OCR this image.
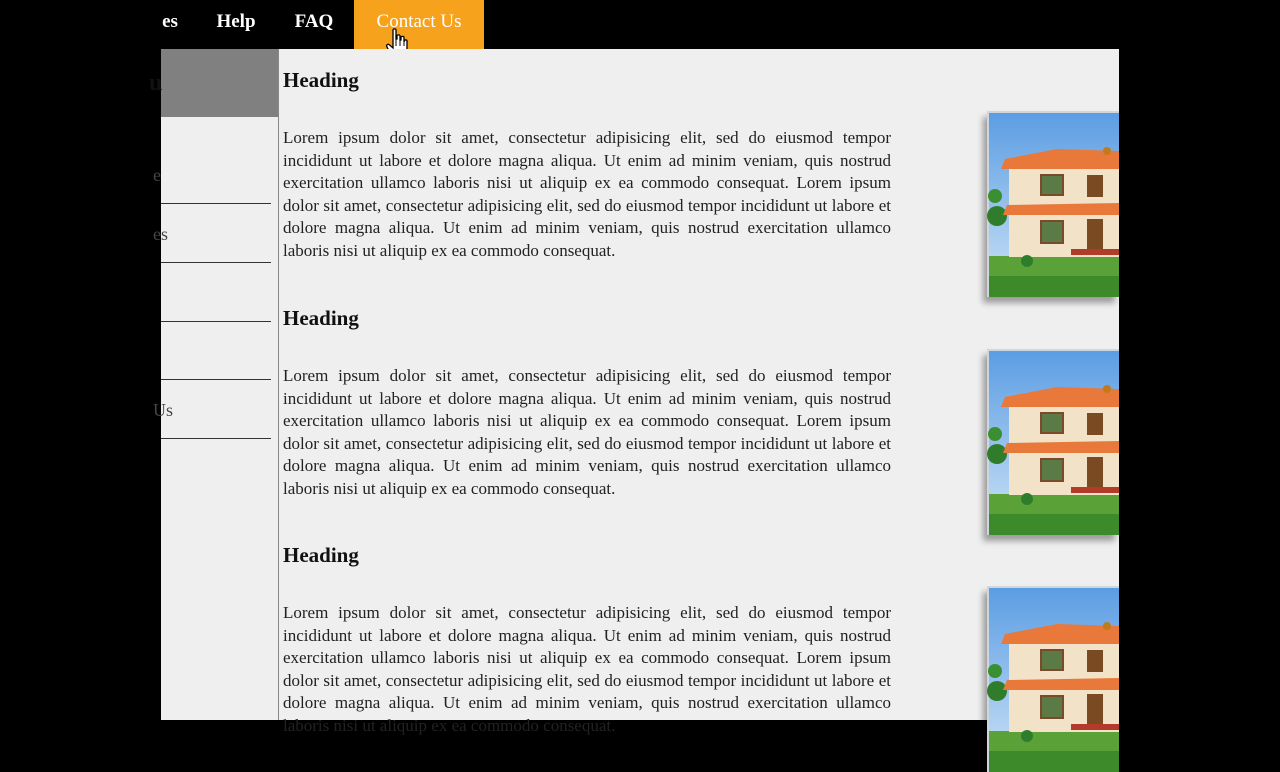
es	Help	FAQ	Contact Us
u
e
es
Us
Heading

Lorem ipsum dolor sit amet, consectetur adipisicing elit, sed do eiusmod tempor incididunt ut labore et dolore magna aliqua. Ut enim ad minim veniam, quis nostrud exercitation ullamco laboris nisi ut aliquip ex ea commodo consequat. Lorem ipsum dolor sit amet, consectetur adipisicing elit, sed do eiusmod tempor incididunt ut labore et dolore magna aliqua. Ut enim ad minim veniam, quis nostrud exercitation ullamco laboris nisi ut aliquip ex ea commodo consequat.

Heading

Lorem ipsum dolor sit amet, consectetur adipisicing elit, sed do eiusmod tempor incididunt ut labore et dolore magna aliqua. Ut enim ad minim veniam, quis nostrud exercitation ullamco laboris nisi ut aliquip ex ea commodo consequat. Lorem ipsum dolor sit amet, consectetur adipisicing elit, sed do eiusmod tempor incididunt ut labore et dolore magna aliqua. Ut enim ad minim veniam, quis nostrud exercitation ullamco laboris nisi ut aliquip ex ea commodo consequat.

Heading

Lorem ipsum dolor sit amet, consectetur adipisicing elit, sed do eiusmod tempor incididunt ut labore et dolore magna aliqua. Ut enim ad minim veniam, quis nostrud exercitation ullamco laboris nisi ut aliquip ex ea commodo consequat. Lorem ipsum dolor sit amet, consectetur adipisicing elit, sed do eiusmod tempor incididunt ut labore et dolore magna aliqua. Ut enim ad minim veniam, quis nostrud exercitation ullamco laboris nisi ut aliquip ex ea commodo consequat.
